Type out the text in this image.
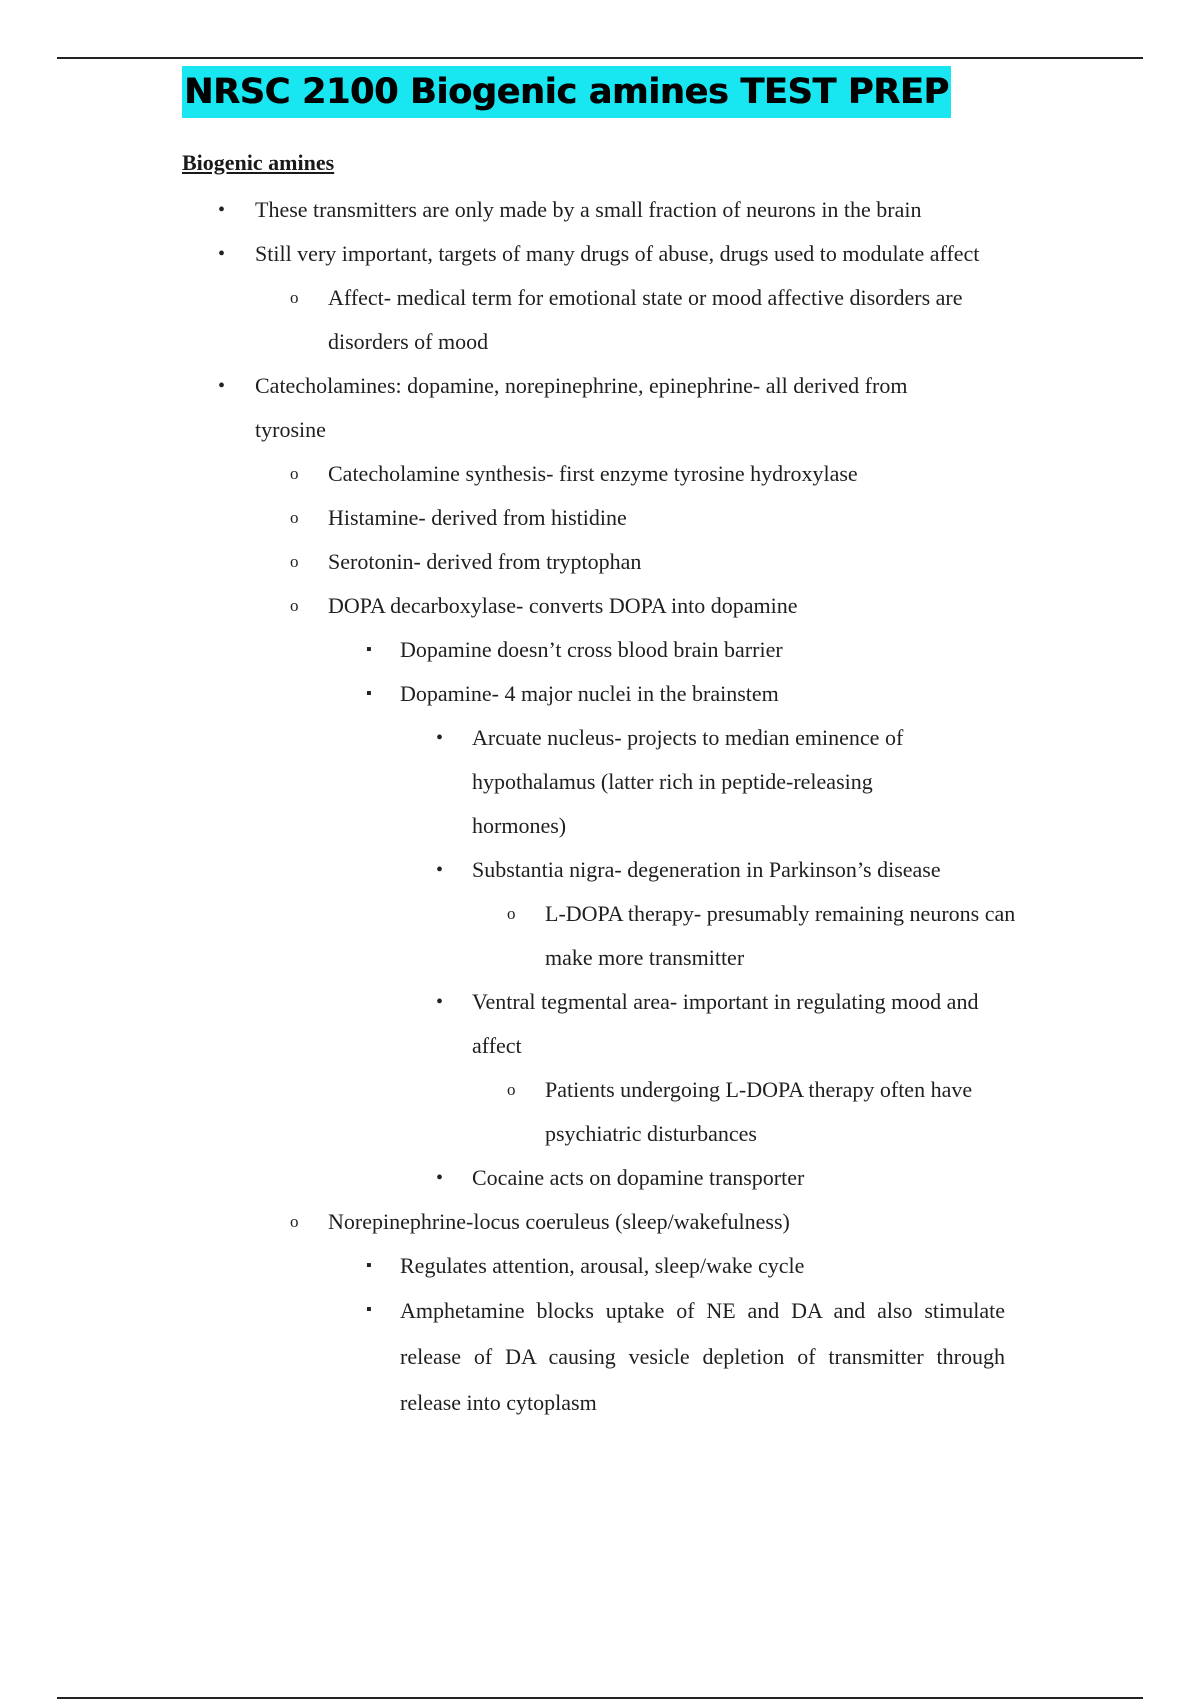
NRSC 2100 Biogenic amines TEST PREP
Biogenic amines
• These transmitters are only made by a small fraction of neurons in the brain
• Still very important, targets of many drugs of abuse, drugs used to modulate affect
o Affect- medical term for emotional state or mood affective disorders are disorders of mood
• Catecholamines: dopamine, norepinephrine, epinephrine- all derived from tyrosine
o Catecholamine synthesis- first enzyme tyrosine hydroxylase
o Histamine- derived from histidine
o Serotonin- derived from tryptophan
o DOPA decarboxylase- converts DOPA into dopamine
▪ Dopamine doesn’t cross blood brain barrier
▪ Dopamine- 4 major nuclei in the brainstem
• Arcuate nucleus- projects to median eminence of hypothalamus (latter rich in peptide-releasing hormones)
• Substantia nigra- degeneration in Parkinson’s disease
o L-DOPA therapy- presumably remaining neurons can make more transmitter
• Ventral tegmental area- important in regulating mood and affect
o Patients undergoing L-DOPA therapy often have psychiatric disturbances
• Cocaine acts on dopamine transporter
o Norepinephrine-locus coeruleus (sleep/wakefulness)
▪ Regulates attention, arousal, sleep/wake cycle
▪ Amphetamine blocks uptake of NE and DA and also stimulate release of DA causing vesicle depletion of transmitter through release into cytoplasm
